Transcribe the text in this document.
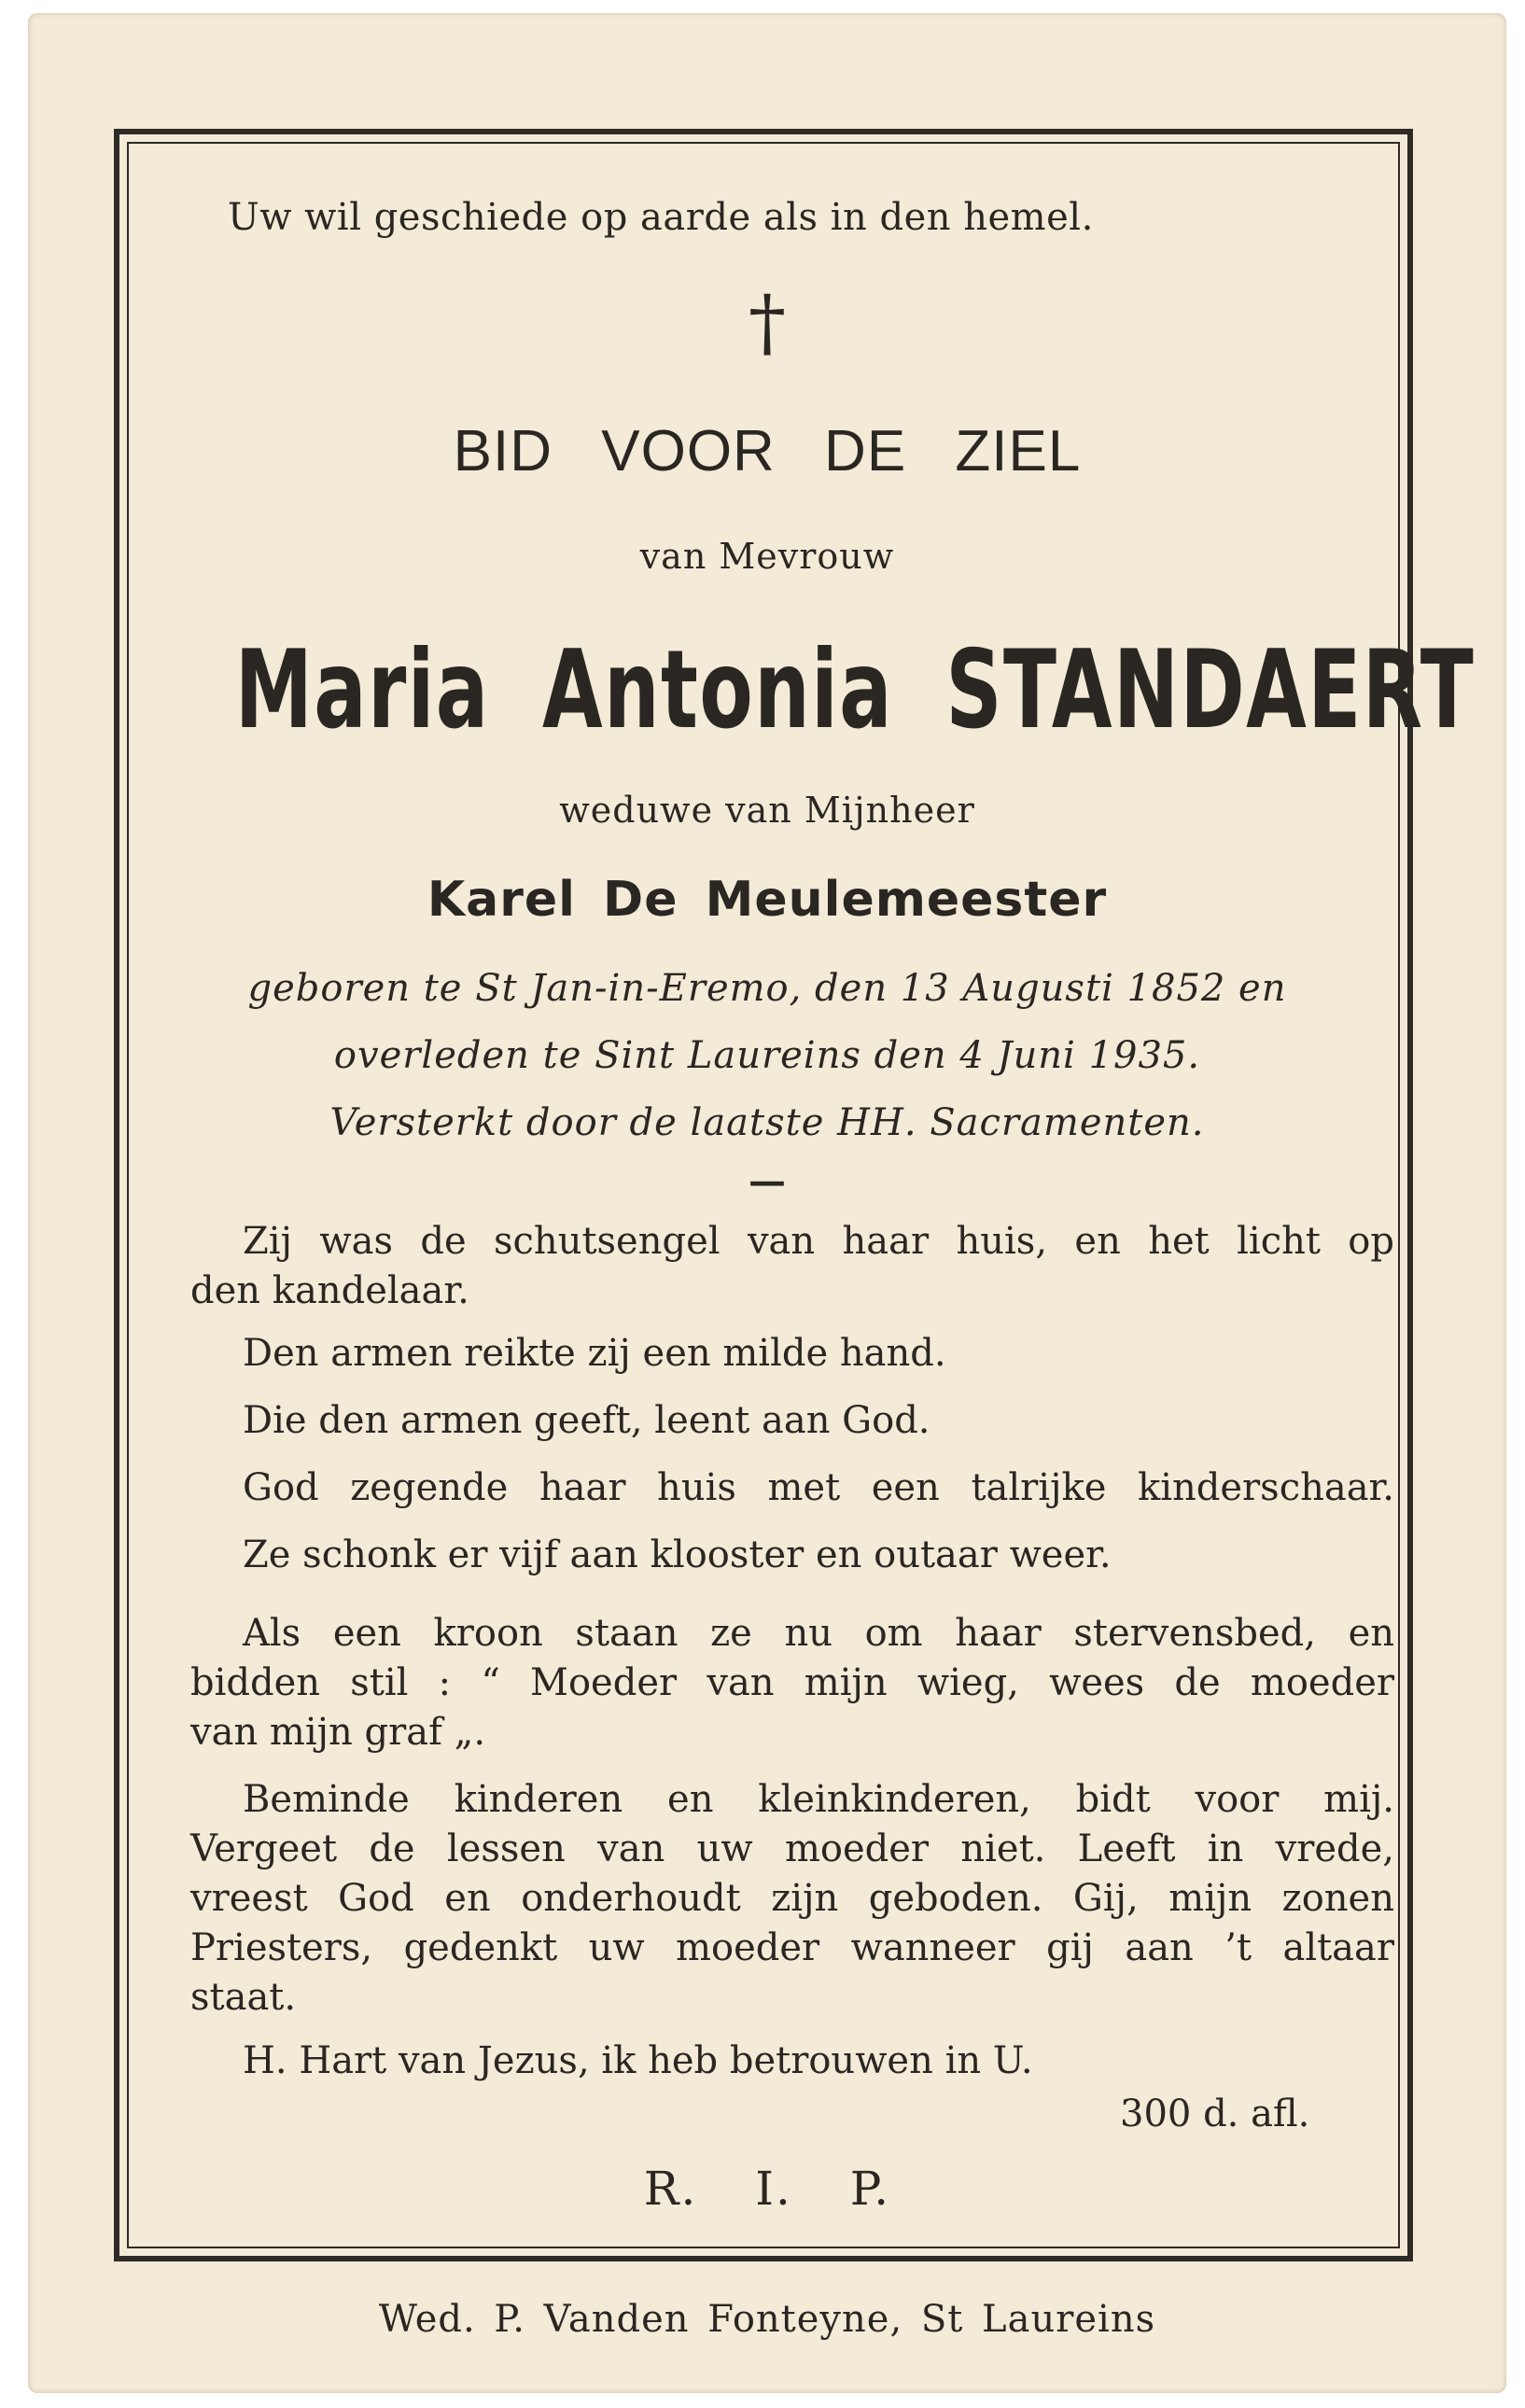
Uw wil geschiede op aarde als in den hemel.
†
BID VOOR DE ZIEL
van Mevrouw
Maria Antonia STANDAERT
weduwe van Mijnheer
Karel De Meulemeester
geboren te St Jan-in-Eremo, den 13 Augusti 1852 en
overleden te Sint Laureins den 4 Juni 1935.
Versterkt door de laatste HH. Sacramenten.
—
Zij was de schutsengel van haar huis, en het licht op
den kandelaar.
Den armen reikte zij een milde hand.
Die den armen geeft, leent aan God.
God zegende haar huis met een talrijke kinderschaar.
Ze schonk er vijf aan klooster en outaar weer.
Als een kroon staan ze nu om haar stervensbed, en
bidden stil : “ Moeder van mijn wieg, wees de moeder
van mijn graf „.
Beminde kinderen en kleinkinderen, bidt voor mij.
Vergeet de lessen van uw moeder niet. Leeft in vrede,
vreest God en onderhoudt zijn geboden. Gij, mijn zonen
Priesters, gedenkt uw moeder wanneer gij aan ’t altaar
staat.
H. Hart van Jezus, ik heb betrouwen in U.
300 d. afl.
R. I. P.
Wed. P. Vanden Fonteyne, St Laureins
